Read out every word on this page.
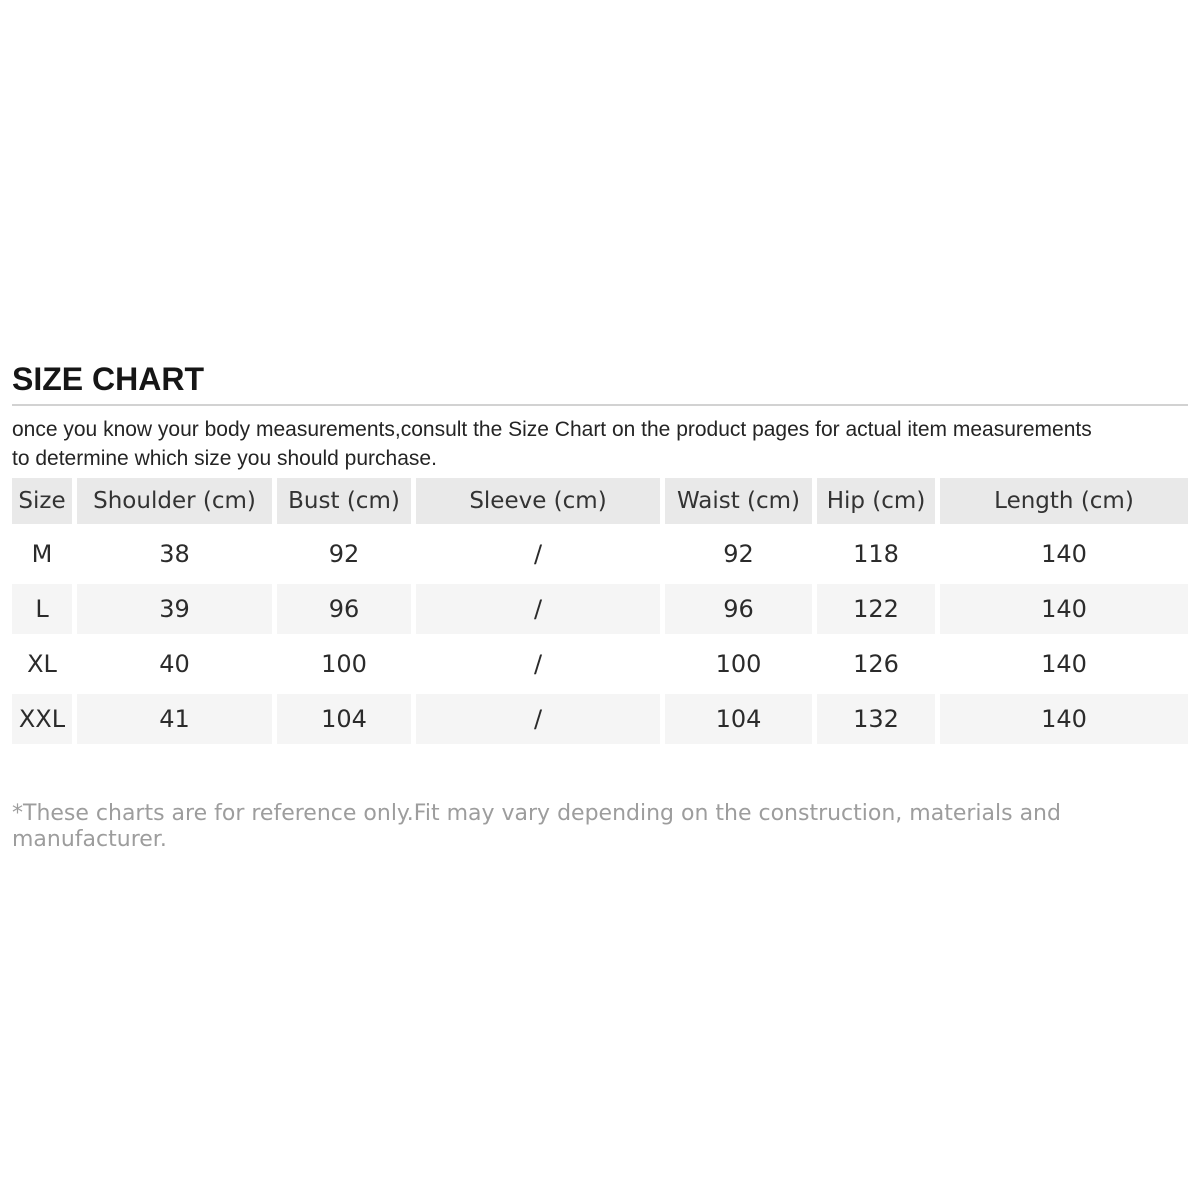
SIZE CHART

once you know your body measurements,consult the Size Chart on the product pages for actual item measurements
to determine which size you should purchase.

Size	Shoulder (cm)	Bust (cm)	Sleeve (cm)	Waist (cm)	Hip (cm)	Length (cm)
M	38	92	/	92	118	140
L	39	96	/	96	122	140
XL	40	100	/	100	126	140
XXL	41	104	/	104	132	140

*These charts are for reference only.Fit may vary depending on the construction, materials and manufacturer.
